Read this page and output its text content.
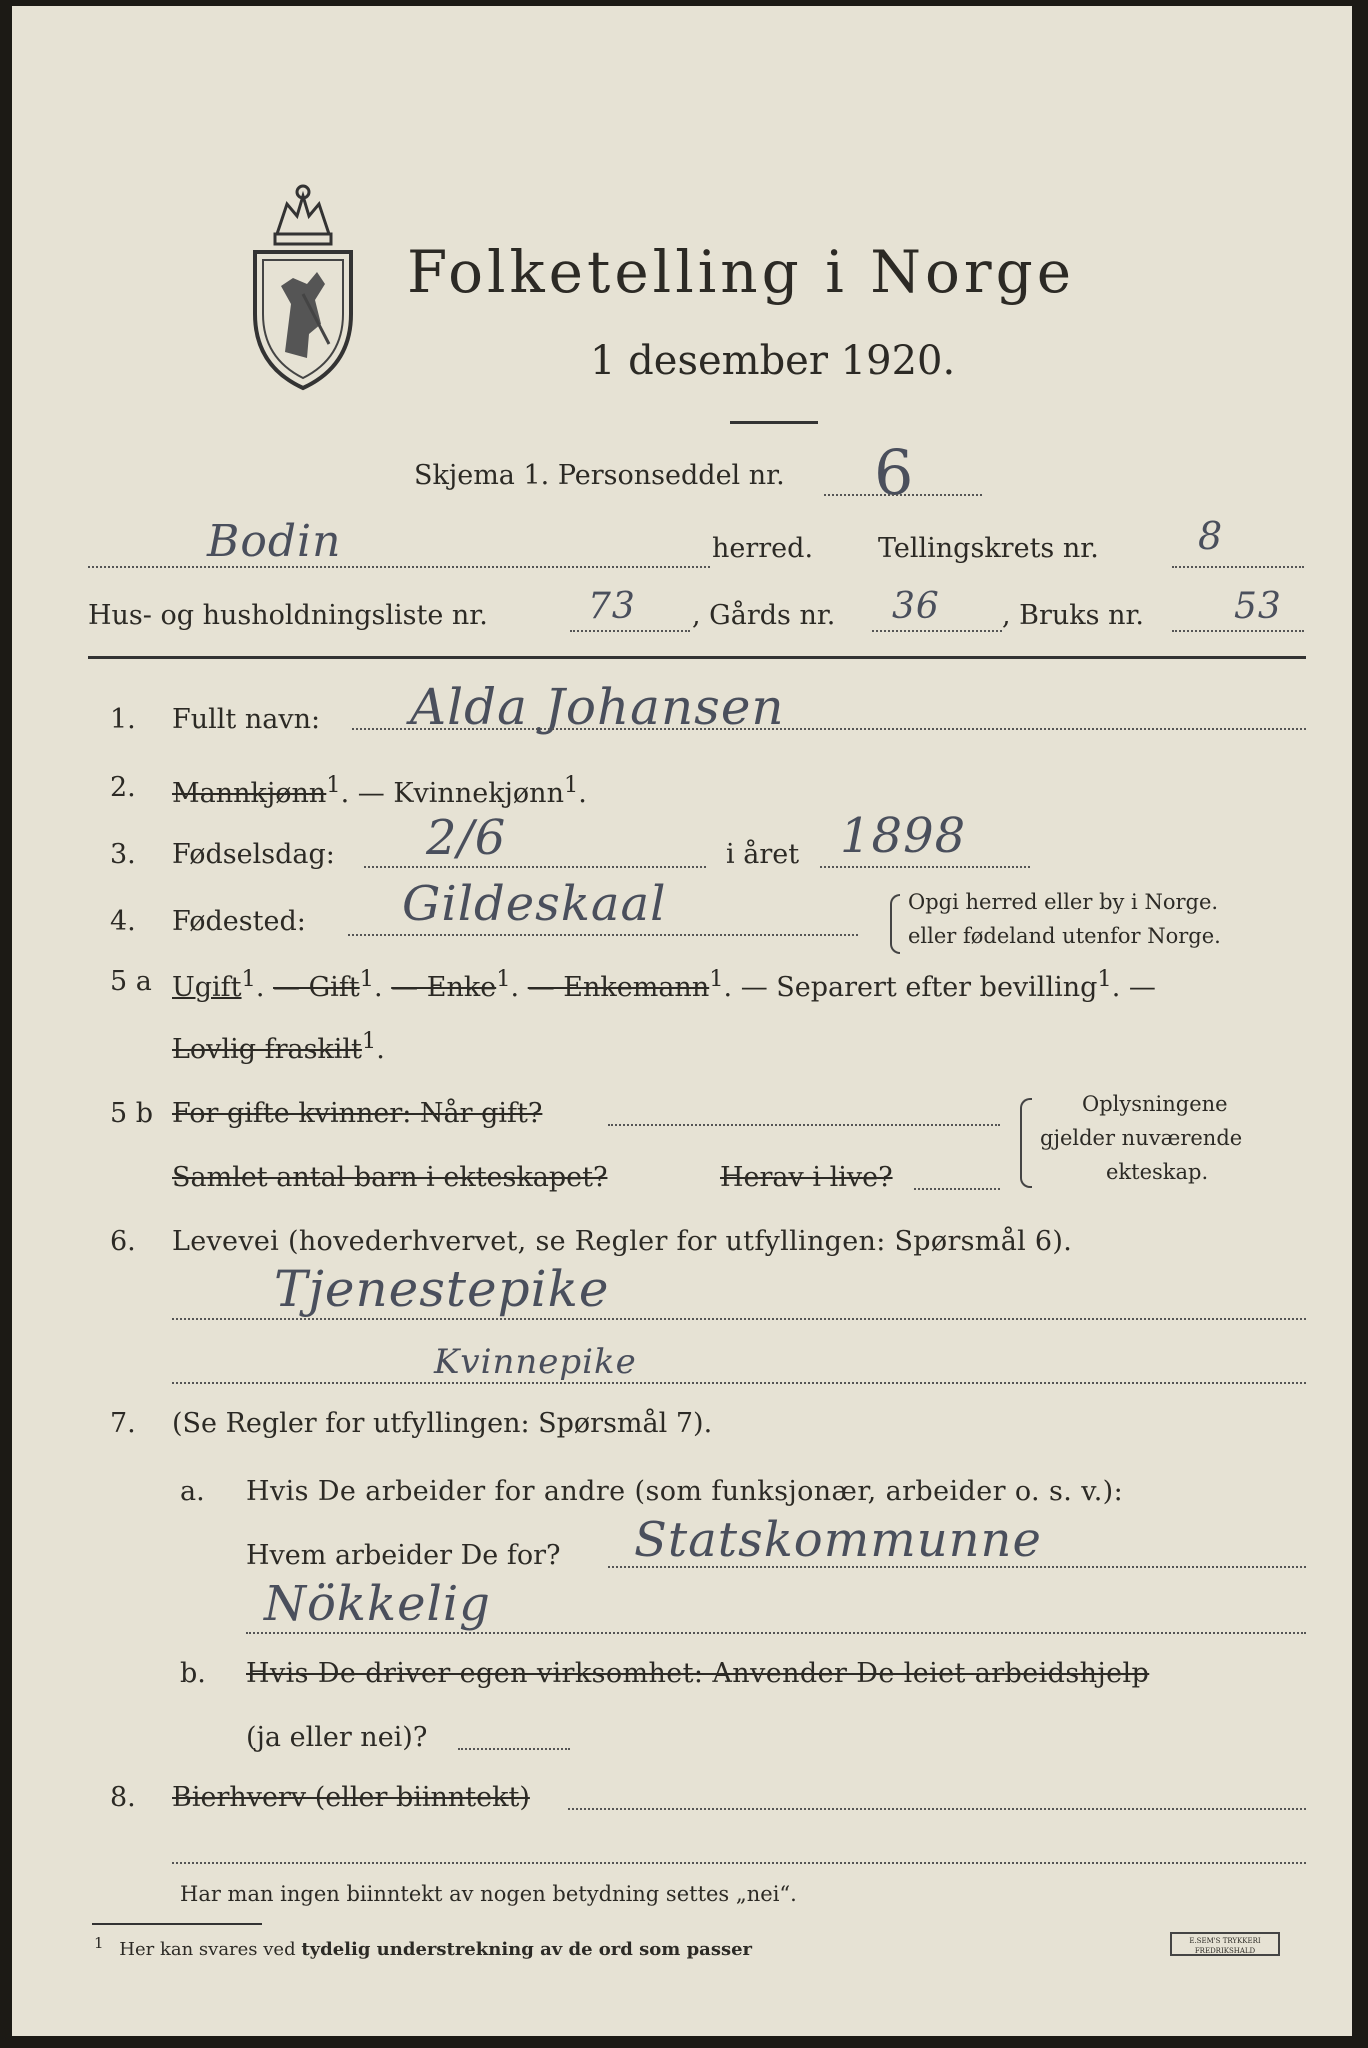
Folketelling i Norge
1 desember 1920.
Skjema 1. Personseddel nr. 6
Bodin	herred. Tellingskrets nr.	8
Hus- og husholdningsliste nr.	73 , Gårds nr. 36 , Bruks nr. 53
1. Fullt navn: Alda Johansen
2. Mannkjønn$^1$. — Kvinnekjønn$^1$.
3. Fødselsdag: 2/6	i året 1898
4. Fødested: Gildeskaal	Opgi herred eller by i Norge.
eller fødeland utenfor Norge.
5 a Ugift$^1$. — Gift$^1$. — Enke$^1$. — Enkemann$^1$. — Separert efter bevilling$^1$. —
Lovlig fraskilt$^1$.
5 b For gifte kvinner: Når gift?
Samlet antal barn i ekteskapet?	Herav i live?
Oplysningene
gjelder nuværende
ekteskap.
6. Levevei (hovederhvervet, se Regler for utfyllingen: Spørsmål 6).
Tjenestepike
Kvinnepike
7. (Se Regler for utfyllingen: Spørsmål 7).
a. Hvis De arbeider for andre (som funksjonær, arbeider o. s. v.):
Hvem arbeider De for? Statskommunne
Nökkelig
b. Hvis De driver egen virksomhet: Anvender De leiet arbeidshjelp
(ja eller nei)?
8. Bierhverv (eller biinntekt)
Har man ingen biinntekt av nogen betydning settes „nei“.
$^1$ Her kan svares ved tydelig understrekning av de ord som passer	E.SEM'S TRYKKERI FREDRIKSHALD
